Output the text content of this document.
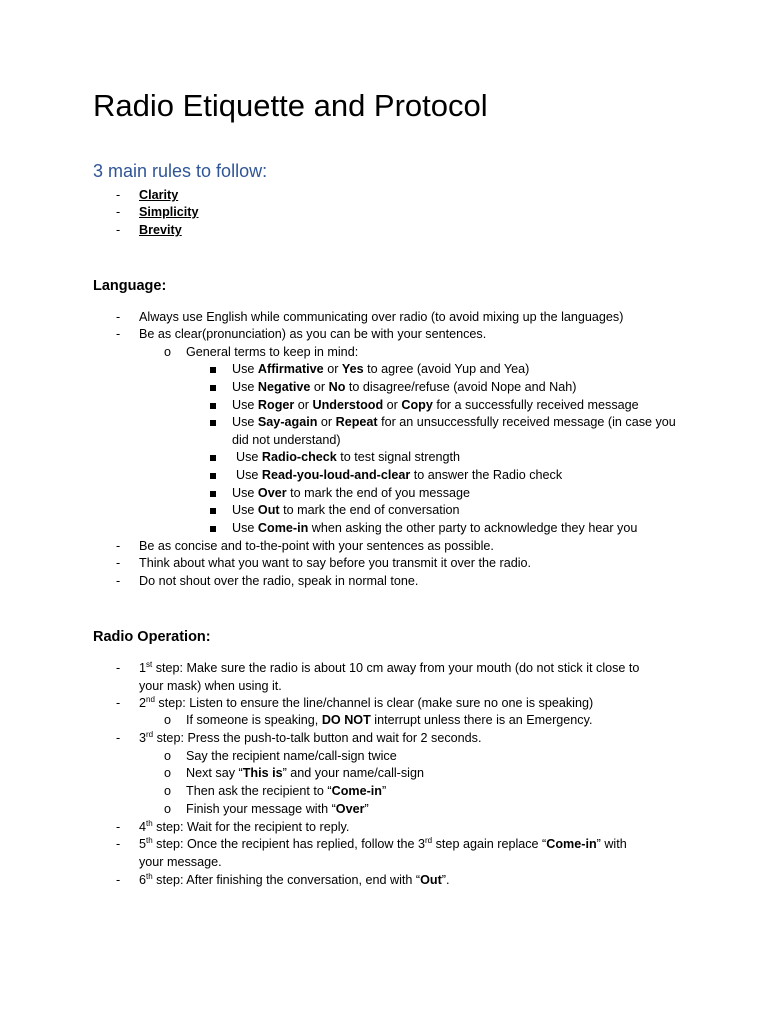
Radio Etiquette and Protocol
3 main rules to follow:
- Clarity
- Simplicity
- Brevity
Language:
- Always use English while communicating over radio (to avoid mixing up the languages)
- Be as clear(pronunciation) as you can be with your sentences.
o General terms to keep in mind:
Use Affirmative or Yes to agree (avoid Yup and Yea)
Use Negative or No to disagree/refuse (avoid Nope and Nah)
Use Roger or Understood or Copy for a successfully received message
Use Say-again or Repeat for an unsuccessfully received message (in case you
did not understand)
Use Radio-check to test signal strength
Use Read-you-loud-and-clear to answer the Radio check
Use Over to mark the end of you message
Use Out to mark the end of conversation
Use Come-in when asking the other party to acknowledge they hear you
- Be as concise and to-the-point with your sentences as possible.
- Think about what you want to say before you transmit it over the radio.
- Do not shout over the radio, speak in normal tone.
Radio Operation:
- 1st step: Make sure the radio is about 10 cm away from your mouth (do not stick it close to
your mask) when using it.
- 2nd step: Listen to ensure the line/channel is clear (make sure no one is speaking)
o If someone is speaking, DO NOT interrupt unless there is an Emergency.
- 3rd step: Press the push-to-talk button and wait for 2 seconds.
o Say the recipient name/call-sign twice
o Next say “This is” and your name/call-sign
o Then ask the recipient to “Come-in”
o Finish your message with “Over”
- 4th step: Wait for the recipient to reply.
- 5th step: Once the recipient has replied, follow the 3rd step again replace “Come-in” with
your message.
- 6th step: After finishing the conversation, end with “Out”.
